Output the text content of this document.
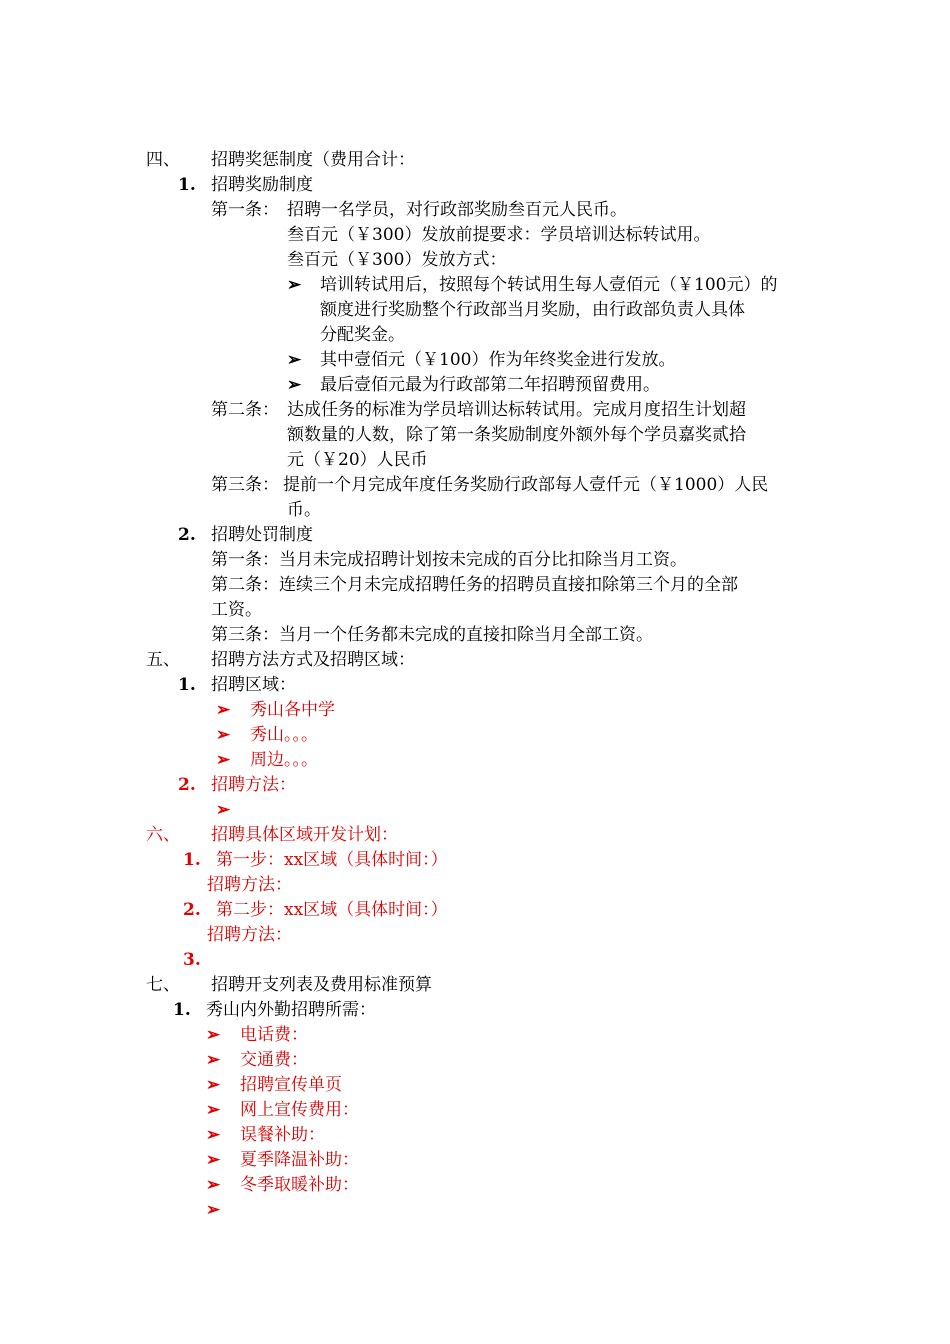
四、 招聘奖惩制度（费用合计：
1. 招聘奖励制度
第一条： 招聘一名学员，对行政部奖励叁百元人民币。
叁百元（￥300）发放前提要求：学员培训达标转试用。
叁百元（￥300）发放方式：
➢ 培训转试用后，按照每个转试用生每人壹佰元（￥100元）的
额度进行奖励整个行政部当月奖励，由行政部负责人具体
分配奖金。
➢ 其中壹佰元（￥100）作为年终奖金进行发放。
➢ 最后壹佰元最为行政部第二年招聘预留费用。
第二条： 达成任务的标准为学员培训达标转试用。完成月度招生计划超
额数量的人数，除了第一条奖励制度外额外每个学员嘉奖贰拾
元（￥20）人民币
第三条： 提前一个月完成年度任务奖励行政部每人壹仟元（￥1000）人民
币。
2. 招聘处罚制度
第一条：当月未完成招聘计划按未完成的百分比扣除当月工资。
第二条：连续三个月未完成招聘任务的招聘员直接扣除第三个月的全部
工资。
第三条：当月一个任务都未完成的直接扣除当月全部工资。
五、 招聘方法方式及招聘区域：
1. 招聘区域：
➢ 秀山各中学
➢ 秀山。。。
➢ 周边。。。
2. 招聘方法：
➢
六、 招聘具体区域开发计划：
1. 第一步：xx区域（具体时间：）
招聘方法：
2. 第二步：xx区域（具体时间：）
招聘方法：
3.
七、 招聘开支列表及费用标准预算
1. 秀山内外勤招聘所需：
➢ 电话费：
➢ 交通费：
➢ 招聘宣传单页
➢ 网上宣传费用：
➢ 误餐补助：
➢ 夏季降温补助：
➢ 冬季取暖补助：
➢
